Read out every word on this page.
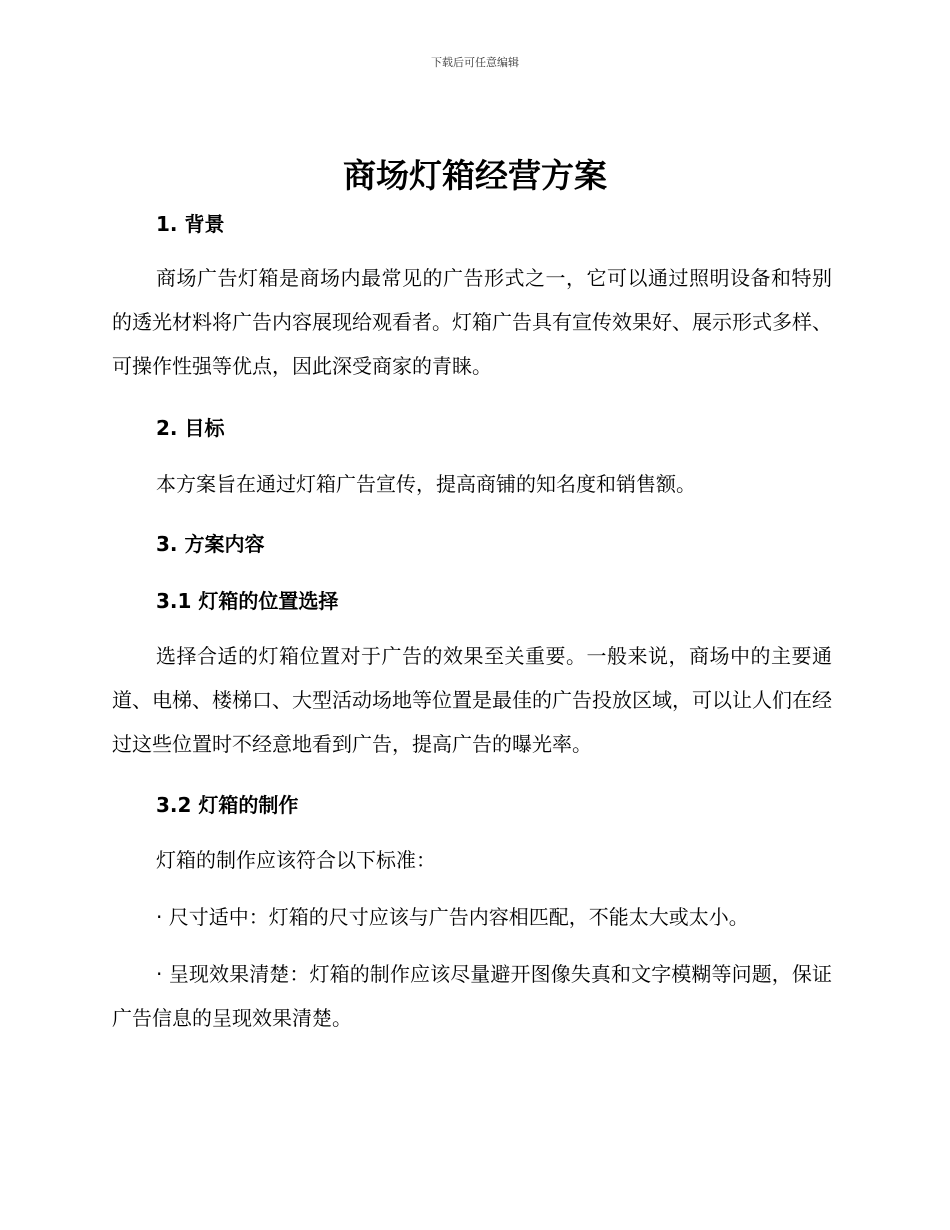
下载后可任意编辑
商场灯箱经营方案
1. 背景

商场广告灯箱是商场内最常见的广告形式之一，它可以通过照明设备和特别的透光材料将广告内容展现给观看者。灯箱广告具有宣传效果好、展示形式多样、可操作性强等优点，因此深受商家的青睐。

2. 目标

本方案旨在通过灯箱广告宣传，提高商铺的知名度和销售额。

3. 方案内容
3.1 灯箱的位置选择

选择合适的灯箱位置对于广告的效果至关重要。一般来说，商场中的主要通道、电梯、楼梯口、大型活动场地等位置是最佳的广告投放区域，可以让人们在经过这些位置时不经意地看到广告，提高广告的曝光率。

3.2 灯箱的制作

灯箱的制作应该符合以下标准：

· 尺寸适中：灯箱的尺寸应该与广告内容相匹配，不能太大或太小。

· 呈现效果清楚：灯箱的制作应该尽量避开图像失真和文字模糊等问题，保证广告信息的呈现效果清楚。
